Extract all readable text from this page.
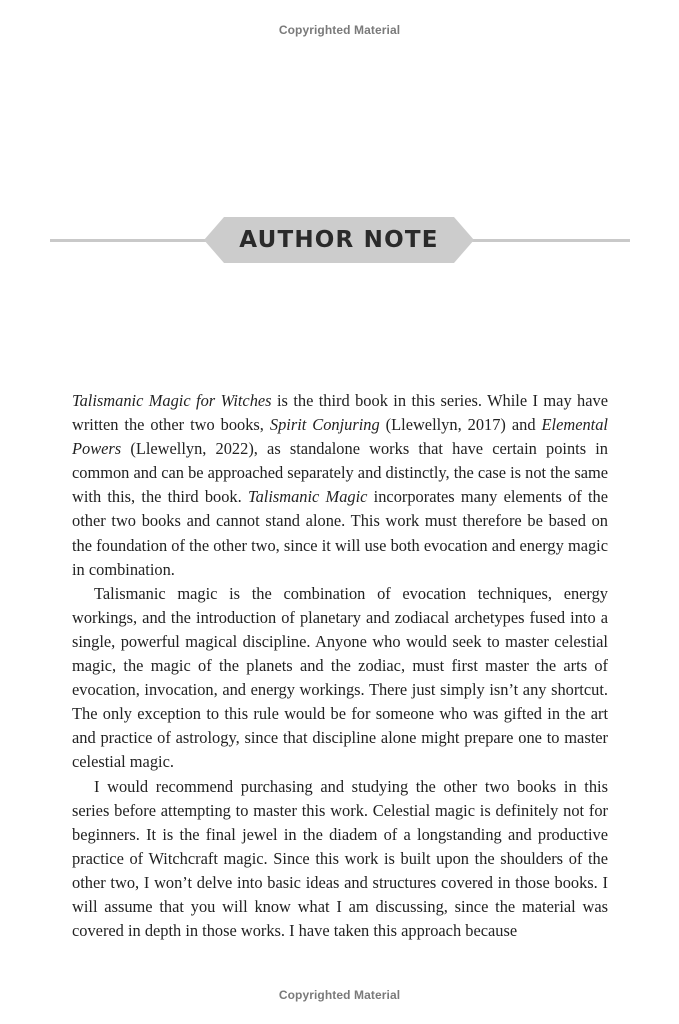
Copyrighted Material
AUTHOR NOTE

Talismanic Magic for Witches is the third book in this series. While I may have written the other two books, Spirit Conjuring (Llewellyn, 2017) and Elemental Powers (Llewellyn, 2022), as standalone works that have certain points in common and can be approached separately and distinctly, the case is not the same with this, the third book. Talismanic Magic incorporates many elements of the other two books and cannot stand alone. This work must therefore be based on the foundation of the other two, since it will use both evocation and energy magic in combination.

Talismanic magic is the combination of evocation techniques, energy workings, and the introduction of planetary and zodiacal archetypes fused into a single, powerful magical discipline. Anyone who would seek to master celestial magic, the magic of the planets and the zodiac, must first master the arts of evocation, invocation, and energy workings. There just simply isn’t any shortcut. The only exception to this rule would be for someone who was gifted in the art and practice of astrology, since that discipline alone might prepare one to master celestial magic.

I would recommend purchasing and studying the other two books in this series before attempting to master this work. Celestial magic is definitely not for beginners. It is the final jewel in the diadem of a longstanding and productive practice of Witchcraft magic. Since this work is built upon the shoulders of the other two, I won’t delve into basic ideas and structures covered in those books. I will assume that you will know what I am discussing, since the material was covered in depth in those works. I have taken this approach because

Copyrighted Material
